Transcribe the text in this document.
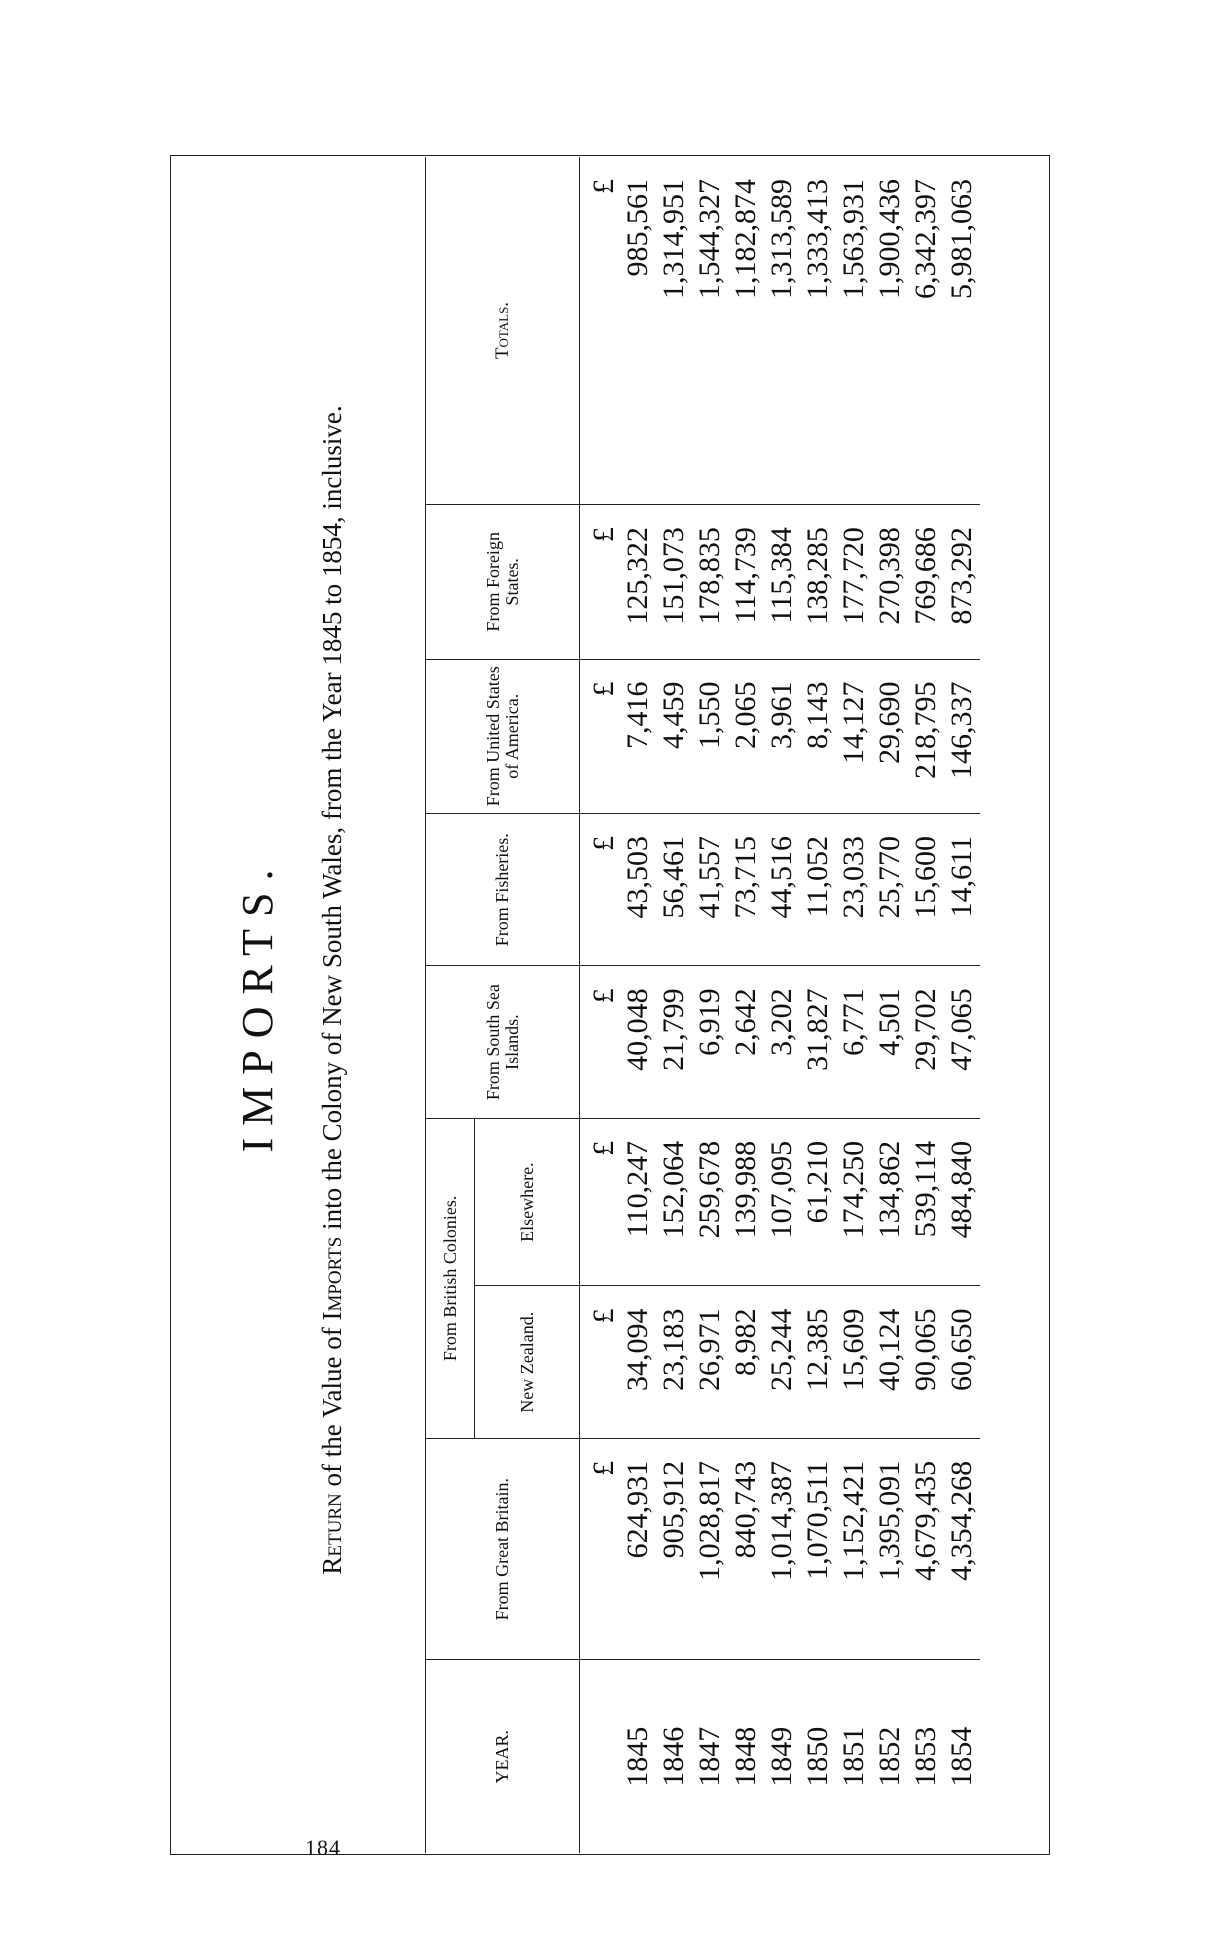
184
IMPORTS.
Return of the Value of Imports into the Colony of New South Wales, from the Year 1845 to 1854, inclusive.
YEAR.	From Great Britain.	From British Colonies.		From South Sea Islands.	From Fisheries.	From United States of America.	From Foreign States.	Totals.
		New Zealand.	Elsewhere.					
	£	£	£	£	£	£	£	£
1845	624,931	34,094	110,247	40,048	43,503	7,416	125,322	985,561
1846	905,912	23,183	152,064	21,799	56,461	4,459	151,073	1,314,951
1847	1,028,817	26,971	259,678	6,919	41,557	1,550	178,835	1,544,327
1848	840,743	8,982	139,988	2,642	73,715	2,065	114,739	1,182,874
1849	1,014,387	25,244	107,095	3,202	44,516	3,961	115,384	1,313,589
1850	1,070,511	12,385	61,210	31,827	11,052	8,143	138,285	1,333,413
1851	1,152,421	15,609	174,250	6,771	23,033	14,127	177,720	1,563,931
1852	1,395,091	40,124	134,862	4,501	25,770	29,690	270,398	1,900,436
1853	4,679,435	90,065	539,114	29,702	15,600	218,795	769,686	6,342,397
1854	4,354,268	60,650	484,840	47,065	14,611	146,337	873,292	5,981,063
